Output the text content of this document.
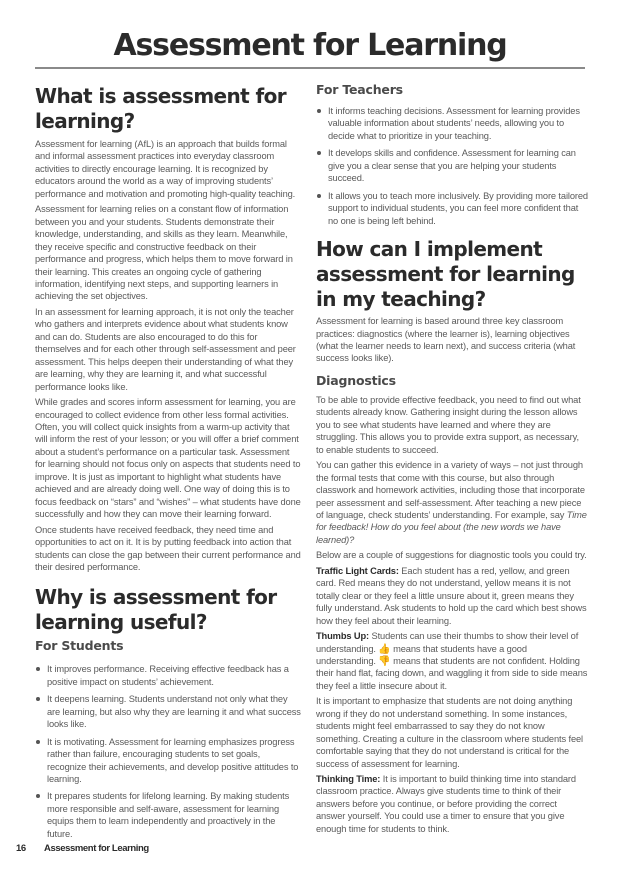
Assessment for Learning
What is assessment for learning?

Assessment for learning (AfL) is an approach that builds formal and informal assessment practices into everyday classroom activities to directly encourage learning. It is recognized by educators around the world as a way of improving students’ performance and motivation and promoting high-quality teaching.

Assessment for learning relies on a constant flow of information between you and your students. Students demonstrate their knowledge, understanding, and skills as they learn. Meanwhile, they receive specific and constructive feedback on their performance and progress, which helps them to move forward in their learning. This creates an ongoing cycle of gathering information, identifying next steps, and supporting learners in achieving the set objectives.

In an assessment for learning approach, it is not only the teacher who gathers and interprets evidence about what students know and can do. Students are also encouraged to do this for themselves and for each other through self-assessment and peer assessment. This helps deepen their understanding of what they are learning, why they are learning it, and what successful performance looks like.

While grades and scores inform assessment for learning, you are encouraged to collect evidence from other less formal activities. Often, you will collect quick insights from a warm-up activity that will inform the rest of your lesson; or you will offer a brief comment about a student’s performance on a particular task. Assessment for learning should not focus only on aspects that students need to improve. It is just as important to highlight what students have achieved and are already doing well. One way of doing this is to focus feedback on “stars” and “wishes” – what students have done successfully and how they can move their learning forward.

Once students have received feedback, they need time and opportunities to act on it. It is by putting feedback into action that students can close the gap between their current performance and their desired performance.

Why is assessment for learning useful?
For Students
It improves performance. Receiving effective feedback has a positive impact on students’ achievement.
It deepens learning. Students understand not only what they are learning, but also why they are learning it and what success looks like.
It is motivating. Assessment for learning emphasizes progress rather than failure, encouraging students to set goals, recognize their achievements, and develop positive attitudes to learning.
It prepares students for lifelong learning. By making students more responsible and self-aware, assessment for learning equips them to learn independently and proactively in the future.
For Teachers
It informs teaching decisions. Assessment for learning provides valuable information about students’ needs, allowing you to decide what to prioritize in your teaching.
It develops skills and confidence. Assessment for learning can give you a clear sense that you are helping your students succeed.
It allows you to teach more inclusively. By providing more tailored support to individual students, you can feel more confident that no one is being left behind.
How can I implement assessment for learning in my teaching?

Assessment for learning is based around three key classroom practices: diagnostics (where the learner is), learning objectives (what the learner needs to learn next), and success criteria (what success looks like).

Diagnostics

To be able to provide effective feedback, you need to find out what students already know. Gathering insight during the lesson allows you to see what students have learned and where they are struggling. This allows you to provide extra support, as necessary, to enable students to succeed.

You can gather this evidence in a variety of ways – not just through the formal tests that come with this course, but also through classwork and homework activities, including those that incorporate peer assessment and self-assessment. After teaching a new piece of language, check students’ understanding. For example, say Time for feedback! How do you feel about (the new words we have learned)?

Below are a couple of suggestions for diagnostic tools you could try.

Traffic Light Cards: Each student has a red, yellow, and green card. Red means they do not understand, yellow means it is not totally clear or they feel a little unsure about it, green means they fully understand. Ask students to hold up the card which best shows how they feel about their learning.

Thumbs Up: Students can use their thumbs to show their level of understanding. 👍 means that students have a good understanding. 👎 means that students are not confident. Holding their hand flat, facing down, and waggling it from side to side means they feel a little insecure about it.

It is important to emphasize that students are not doing anything wrong if they do not understand something. In some instances, students might feel embarrassed to say they do not know something. Creating a culture in the classroom where students feel comfortable saying that they do not understand is critical for the success of assessment for learning.

Thinking Time: It is important to build thinking time into standard classroom practice. Always give students time to think of their answers before you continue, or before providing the correct answer yourself. You could use a timer to ensure that you give enough time for students to think.

16 Assessment for Learning
